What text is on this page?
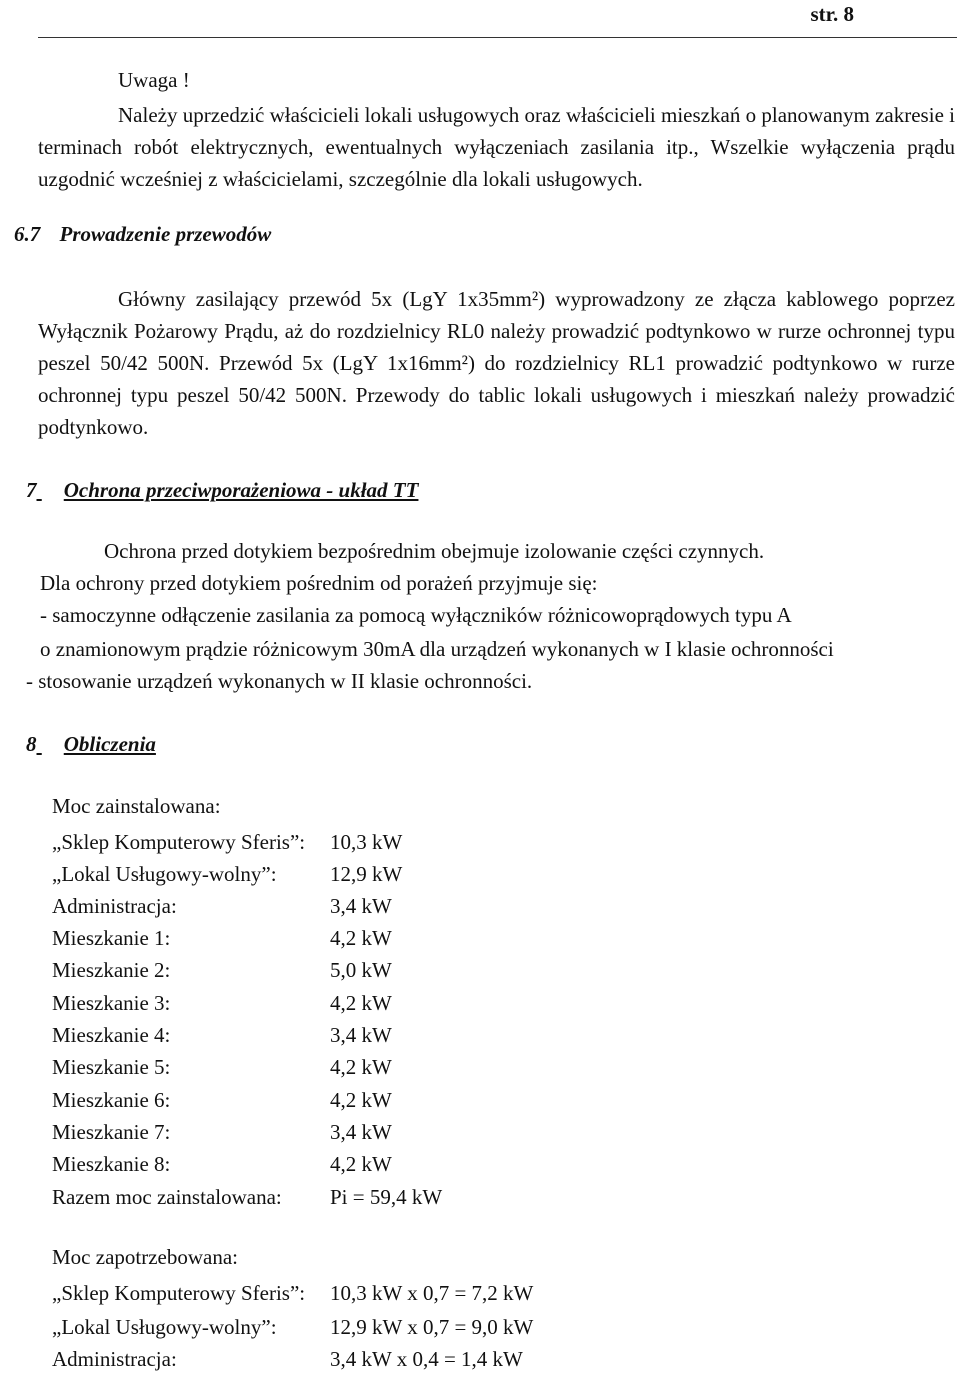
str. 8
Uwaga !
Należy uprzedzić właścicieli lokali usługowych oraz właścicieli mieszkań o planowanym zakresie i terminach robót elektrycznych, ewentualnych wyłączeniach zasilania itp., Wszelkie wyłączenia prądu uzgodnić wcześniej z właścicielami, szczególnie dla lokali usługowych.
6.7 Prowadzenie przewodów
Główny zasilający przewód 5x (LgY 1x35mm²) wyprowadzony ze złącza kablowego poprzez Wyłącznik Pożarowy Prądu, aż do rozdzielnicy RL0 należy prowadzić podtynkowo w rurze ochronnej typu peszel 50/42 500N. Przewód 5x (LgY 1x16mm²) do rozdzielnicy RL1 prowadzić podtynkowo w rurze ochronnej typu peszel 50/42 500N. Przewody do tablic lokali usługowych i mieszkań należy prowadzić podtynkowo.
7 Ochrona przeciwporażeniowa - układ TT
Ochrona przed dotykiem bezpośrednim obejmuje izolowanie części czynnych.
Dla ochrony przed dotykiem pośrednim od porażeń przyjmuje się:
- samoczynne odłączenie zasilania za pomocą wyłączników różnicowoprądowych typu A
o znamionowym prądzie różnicowym 30mA dla urządzeń wykonanych w I klasie ochronności
- stosowanie urządzeń wykonanych w II klasie ochronności.
8 Obliczenia
Moc zainstalowana:
„Sklep Komputerowy Sferis”: 10,3 kW
„Lokal Usługowy-wolny”:	12,9 kW
Administracja:	3,4 kW
Mieszkanie 1:	4,2 kW
Mieszkanie 2:	5,0 kW
Mieszkanie 3:	4,2 kW
Mieszkanie 4:	3,4 kW
Mieszkanie 5:	4,2 kW
Mieszkanie 6:	4,2 kW
Mieszkanie 7:	3,4 kW
Mieszkanie 8:	4,2 kW
Razem moc zainstalowana: Pi = 59,4 kW
Moc zapotrzebowana:
„Sklep Komputerowy Sferis”: 10,3 kW x 0,7 = 7,2 kW
„Lokal Usługowy-wolny”:	12,9 kW x 0,7 = 9,0 kW
Administracja:	3,4 kW x 0,4 = 1,4 kW
